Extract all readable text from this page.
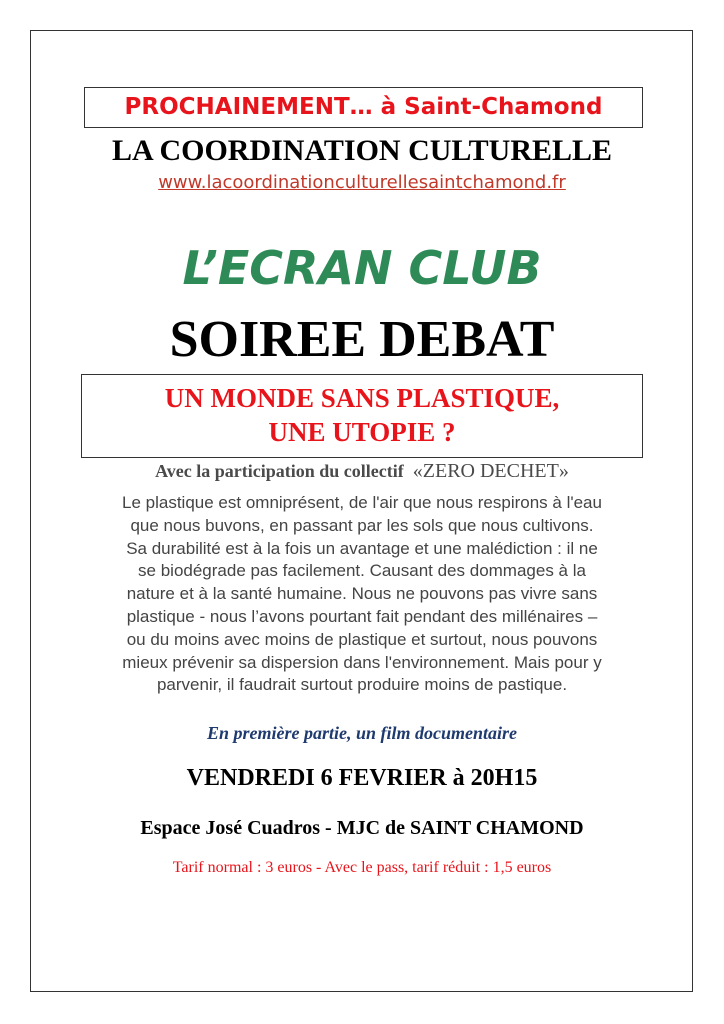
PROCHAINEMENT… à Saint-Chamond
LA COORDINATION CULTURELLE
www.lacoordinationculturellesaintchamond.fr
L’ECRAN CLUB
SOIREE DEBAT
UN MONDE SANS PLASTIQUE,
UNE UTOPIE ?
Avec la participation du collectif «ZERO DECHET»
Le plastique est omniprésent, de l'air que nous respirons à l'eau
que nous buvons, en passant par les sols que nous cultivons.
Sa durabilité est à la fois un avantage et une malédiction : il ne
se biodégrade pas facilement. Causant des dommages à la
nature et à la santé humaine. Nous ne pouvons pas vivre sans
plastique - nous l’avons pourtant fait pendant des millénaires –
ou du moins avec moins de plastique et surtout, nous pouvons
mieux prévenir sa dispersion dans l'environnement. Mais pour y
parvenir, il faudrait surtout produire moins de pastique.
En première partie, un film documentaire
VENDREDI 6 FEVRIER à 20H15
Espace José Cuadros - MJC de SAINT CHAMOND
Tarif normal : 3 euros - Avec le pass, tarif réduit : 1,5 euros
